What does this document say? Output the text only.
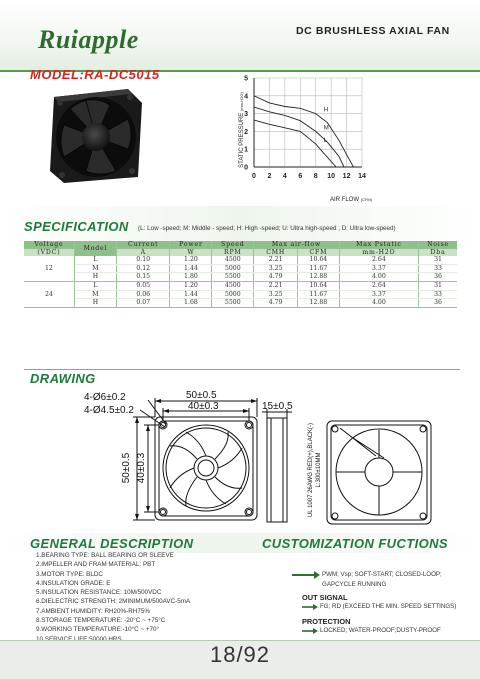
Ruiapple	DC BRUSHLESS AXIAL FAN
MODEL:RA-DC5015	5
4
3
2
1
0
0 2 4 6 8 10 12 14
H
M
L
STATIC PRESSURE (mm-H2O)
AIR FLOW (CFM)
SPECIFICATION (L: Low -speed; M: Middle - speed; H: High -speed; U: Ultra high-speed ; D: Ultra low-speed)
Voltage	Model	Current	Power	Speed	Max air-flow		Max Pstatic	Noise
(VDC)		A	W	RPM	CMH	CFM	mm-H2O	Dba
12	L	0.10	1.20	4500	2.21	10.64	2.64	31
	M	0.12	1.44	5000	3.25	11.67	3.37	33
	H	0.15	1.80	5500	4.79	12.88	4.00	36
24	L	0.05	1.20	4500	2.21	10.64	2.64	31
	M	0.06	1.44	5000	3.25	11.67	3.37	33
	H	0.07	1.68	5500	4.79	12.88	4.00	36
DRAWING
4-Ø6±0.2
4-Ø4.5±0.2
50±0.5
40±0.3	15±0.5
50±0.5 40±0.3	UL 1007 26AWG RED(+),BLACK(-) L:300±10MM
GENERAL DESCRIPTION	CUSTOMIZATION FUCTIONS
1.BEARING TYPE: BALL BEARING OR SLEEVE
2.IMPELLER AND FRAM MATERIAL: PBT
3.MOTOR TYPE: BLDC
4.INSULATION GRADE: E
5.INSULATION RESISTANCE: 10M/500VDC
6.DIELECTRIC STRENGTH: 2MINIMUM/500AVC-5mA
7.AMBIENT HUMIDITY: RH20%-RH75%
8.STORAGE TEMPERATURE: -20°C ~ +75°C
9.WORKING TEMPERATURE:-10°C ~ +70°
PWM; Vsp; SOFT-START; CLOSED-LOOP;
GAPCYCLE RUNNING
OUT SIGNAL
FG; RD (EXCEED THE MIN. SPEED SETTINGS)
PROTECTION
LOCKED; WATER-PROOF;DUSTY-PROOF
18/92
